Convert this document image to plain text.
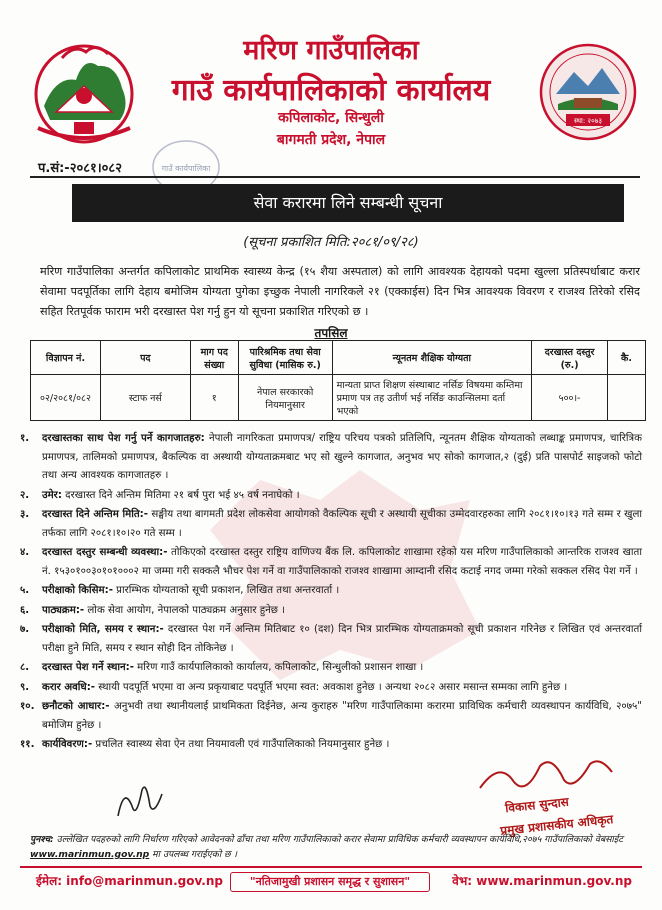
स्था: २०७३
गाउँ कार्यपालिका
मरिण गाउँपालिका
गाउँ कार्यपालिकाको कार्यालय
कपिलाकोट, सिन्धुली
बागमती प्रदेश, नेपाल
प.सं:-२०८१।०८२
सेवा करारमा लिने सम्बन्धी सूचना
(सूचना प्रकाशित मिति:२०८१/०९/२८)
मरिण गाउँपालिका अन्तर्गत कपिलाकोट प्राथमिक स्वास्थ्य केन्द्र (१५ शैया अस्पताल) को लागि आवश्यक देहायको पदमा खुल्ला प्रतिस्पर्धाबाट करार सेवामा पदपूर्तिका लागि देहाय बमोजिम योग्यता पुगेका इच्छुक नेपाली नागरिकले २१ (एक्काईस) दिन भित्र आवश्यक विवरण र राजश्व तिरेको रसिद सहित रितपूर्वक फाराम भरी दरखास्त पेश गर्नु हुन यो सूचना प्रकाशित गरिएको छ ।
तपसिल
विज्ञापन नं.	पद	माग पद संख्या	पारिश्रमिक तथा सेवा सुविधा (मासिक रु.)	न्यूनतम शैक्षिक योग्यता	दरखास्त दस्तुर (रु.)	कै.
०२/२०८१/०८२	स्टाफ नर्स	१	नेपाल सरकारको नियमानुसार	मान्यता प्राप्त शिक्षण संस्थाबाट नर्सिङ विषयमा कम्तिमा प्रमाण पत्र तह उतीर्ण भई नर्सिङ काउन्सिलमा दर्ता भएको	५००।-	
१.	दरखास्तका साथ पेश गर्नु पर्ने कागजातहरु: नेपाली नागरिकता प्रमाणपत्र/ राष्ट्रिय परिचय पत्रको प्रतिलिपि, न्यूनतम शैक्षिक योग्यताको लब्धाङ्क प्रमाणपत्र, चारित्रिक प्रमाणपत्र, तालिमको प्रमाणपत्र, बैकल्पिक वा अस्थायी योग्यताक्रमबाट भए सो खुल्ने कागजात, अनुभव भए सोको कागजात,२ (दुई) प्रति पासपोर्ट साइजको फोटो तथा अन्य आवश्यक कागजातहरु ।
२.	उमेर: दरखास्त दिने अन्तिम मितिमा २१ बर्ष पुरा भई ४५ वर्ष ननाघेको ।
३.	दरखास्त दिने अन्तिम मिति:- सङ्घीय तथा बागमती प्रदेश लोकसेवा आयोगको वैकल्पिक सूची र अस्थायी सूचीका उम्मेदवारहरुका लागि २०८१।१०।१३ गते सम्म र खुला तर्फका लागि २०८१।१०।२० गते सम्म ।
४.	दरखास्त दस्तुर सम्बन्धी व्यवस्था:- तोकिएको दरखास्त दस्तुर राष्ट्रिय वाणिज्य बैंक लि. कपिलाकोट शाखामा रहेको यस मरिण गाउँपालिकाको आन्तरिक राजश्व खाता नं. १५३०१००३०१०१०००२ मा जम्मा गरी सक्कलै भौचर पेश गर्ने वा गाउँपालिकाको राजश्व शाखामा आम्दानी रसिद कटाई नगद जम्मा गरेको सक्कल रसिद पेश गर्ने ।
५.	परीक्षाको किसिम:- प्रारम्भिक योग्यताको सूची प्रकाशन, लिखित तथा अन्तरवार्ता ।
६.	पाठ्यक्रम:- लोक सेवा आयोग, नेपालको पाठ्यक्रम अनुसार हुनेछ ।
७.	परीक्षाको मिति, समय र स्थान:- दरखास्त पेश गर्ने अन्तिम मितिबाट १० (दश) दिन भित्र प्रारम्भिक योग्यताक्रमको सूची प्रकाशन गरिनेछ र लिखित एवं अन्तरवार्ता परीक्षा हुने मिति, समय र स्थान सोही दिन तोकिनेछ ।
८.	दरखास्त पेश गर्ने स्थान:- मरिण गाउँ कार्यपालिकाको कार्यालय, कपिलाकोट, सिन्धुलीको प्रशासन शाखा ।
९.	करार अवधि:- स्थायी पदपूर्ति भएमा वा अन्य प्रकृयाबाट पदपूर्ति भएमा स्वत: अवकाश हुनेछ । अन्यथा २०८२ असार मसान्त सम्मका लागि हुनेछ ।
१०. छनौटको आधार:- अनुभवी तथा स्थानीयलाई प्राथमिकता दिईनेछ, अन्य कुराहरु "मरिण गाउँपालिकामा करारमा प्राविधिक कर्मचारी व्यवस्थापन कार्यविधि, २०७५" बमोजिम हुनेछ ।
११. कार्यविवरण:- प्रचलित स्वास्थ्य सेवा ऐन तथा नियमावली एवं गाउँपालिकाको नियमानुसार हुनेछ ।
विकास सुन्दास
प्रमुख प्रशासकीय अधिकृत
पुनश्च: उल्लेखित पदहरुको लागि निर्धारण गरिएको आवेदनको ढाँचा तथा मरिण गाउँपालिकाको करार सेवामा प्राविधिक कर्मचारी व्यवस्थापन कार्यविधि,२०७५ गाउँपालिकाको वेबसाईट www.marinmun.gov.np मा उपलब्ध गराईएको छ ।
ईमेल: info@marinmun.gov.np	"नतिजामुखी प्रशासन समृद्ध र सुशासन"	वेभ: www.marinmun.gov.np
